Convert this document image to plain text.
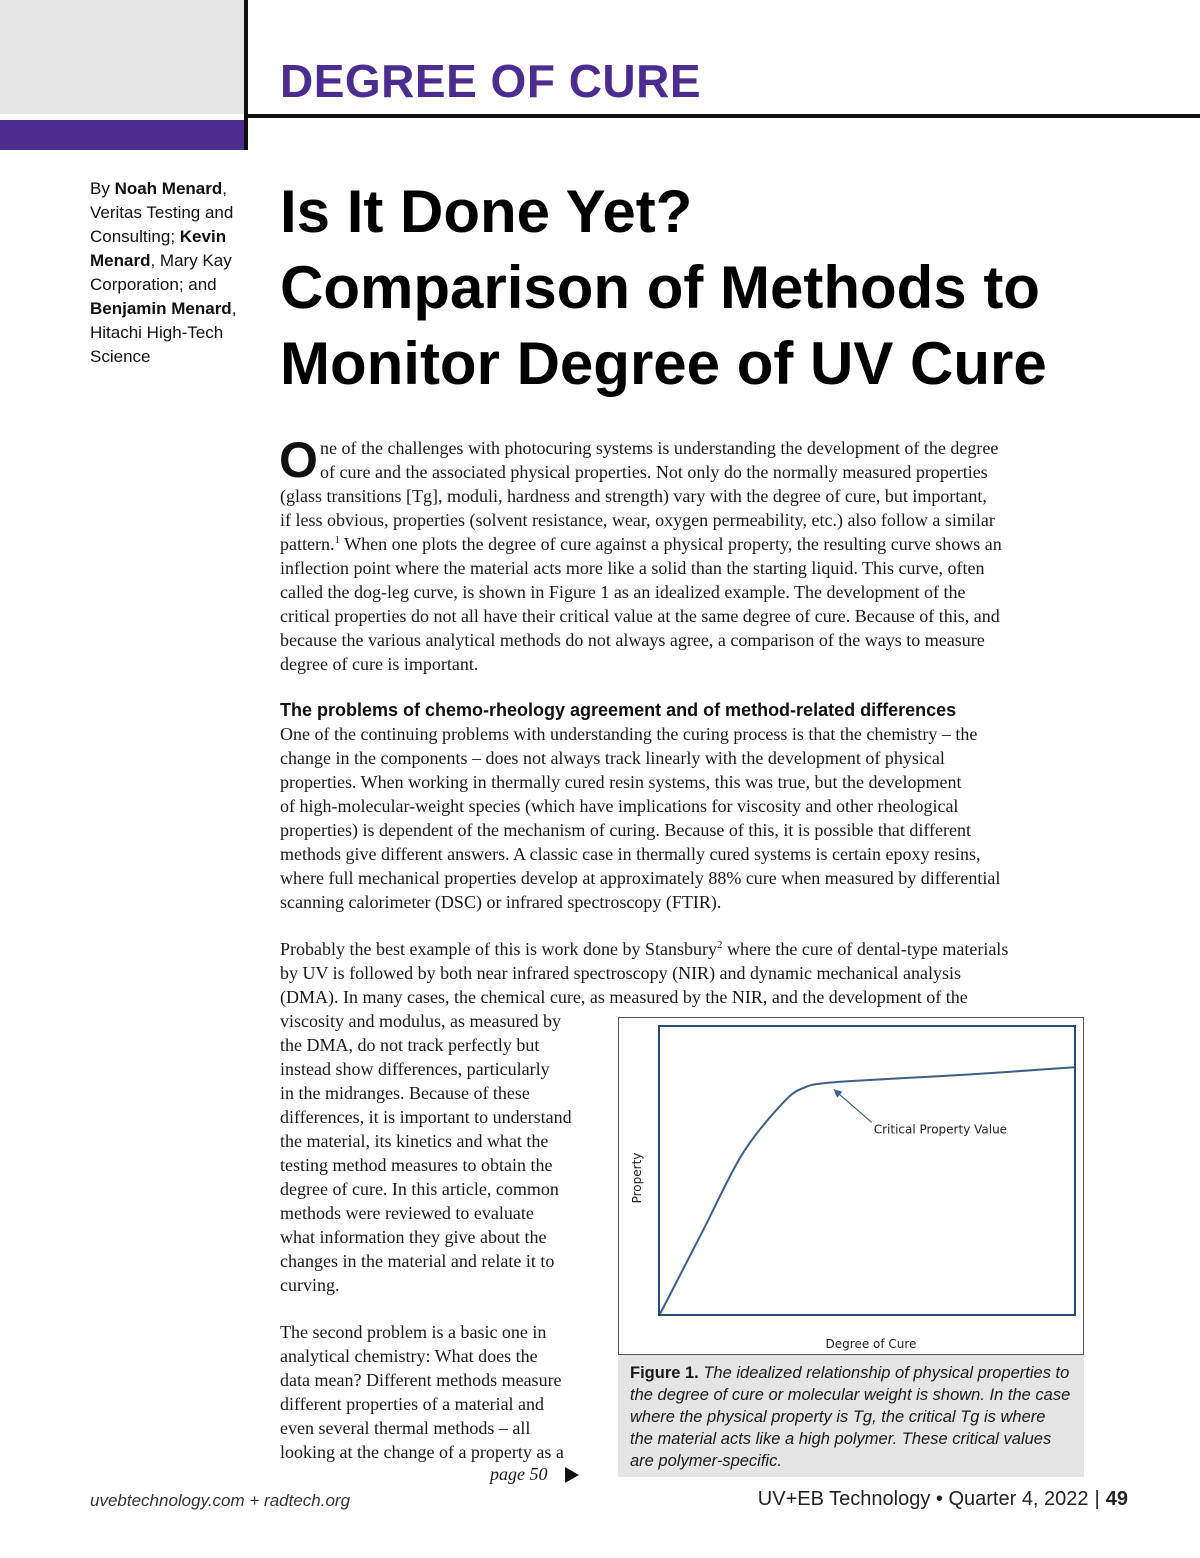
DEGREE OF CURE
By Noah Menard, Veritas Testing and Consulting; Kevin Menard, Mary Kay Corporation; and Benjamin Menard, Hitachi High-Tech Science
Is It Done Yet?
Comparison of Methods to
Monitor Degree of UV Cure
O ne of the challenges with photocuring systems is understanding the development of the degree
of cure and the associated physical properties. Not only do the normally measured properties
(glass transitions [Tg], moduli, hardness and strength) vary with the degree of cure, but important,
if less obvious, properties (solvent resistance, wear, oxygen permeability, etc.) also follow a similar
pattern.$^1$ When one plots the degree of cure against a physical property, the resulting curve shows an
inflection point where the material acts more like a solid than the starting liquid. This curve, often
called the dog-leg curve, is shown in Figure 1 as an idealized example. The development of the
critical properties do not all have their critical value at the same degree of cure. Because of this, and
because the various analytical methods do not always agree, a comparison of the ways to measure
degree of cure is important.
The problems of chemo-rheology agreement and of method-related differences
One of the continuing problems with understanding the curing process is that the chemistry – the
change in the components – does not always track linearly with the development of physical
properties. When working in thermally cured resin systems, this was true, but the development
of high-molecular-weight species (which have implications for viscosity and other rheological
properties) is dependent of the mechanism of curing. Because of this, it is possible that different
methods give different answers. A classic case in thermally cured systems is certain epoxy resins,
where full mechanical properties develop at approximately 88% cure when measured by differential
scanning calorimeter (DSC) or infrared spectroscopy (FTIR).
Probably the best example of this is work done by Stansbury$^2$ where the cure of dental-type materials
by UV is followed by both near infrared spectroscopy (NIR) and dynamic mechanical analysis
(DMA). In many cases, the chemical cure, as measured by the NIR, and the development of the
viscosity and modulus, as measured by
the DMA, do not track perfectly but
instead show differences, particularly
in the midranges. Because of these
differences, it is important to understand
the material, its kinetics and what the
testing method measures to obtain the
degree of cure. In this article, common
methods were reviewed to evaluate
what information they give about the
changes in the material and relate it to
curving.
The second problem is a basic one in
analytical chemistry: What does the
data mean? Different methods measure
different properties of a material and
even several thermal methods – all
looking at the change of a property as a
page 50
Critical Property Value
Degree of Cure
Property
Figure 1. The idealized relationship of physical properties to the degree of cure or molecular weight is shown. In the case where the physical property is Tg, the critical Tg is where the material acts like a high polymer. These critical values are polymer-specific.
uvebtechnology.com + radtech.org	UV+EB Technology • Quarter 4, 2022 | 49
